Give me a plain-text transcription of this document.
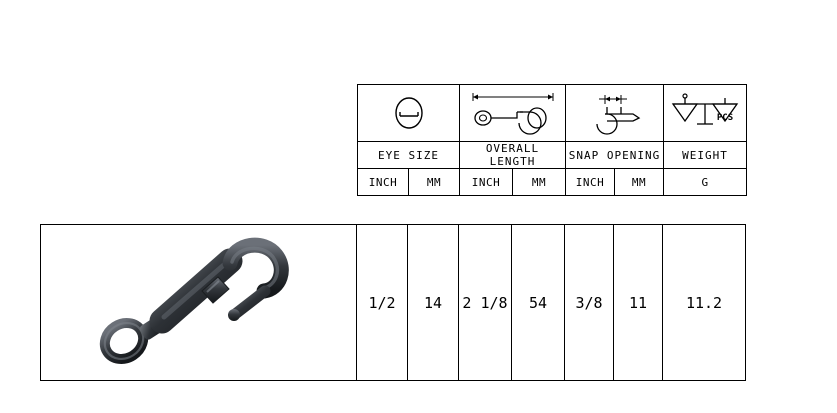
PCS

EYE SIZE		OVERALL LENGTH		SNAP OPENING		WEIGHT
INCH	MM	INCH	MM	INCH	MM	G
	1/2	14	2 1/8	54	3/8	11	11.2
